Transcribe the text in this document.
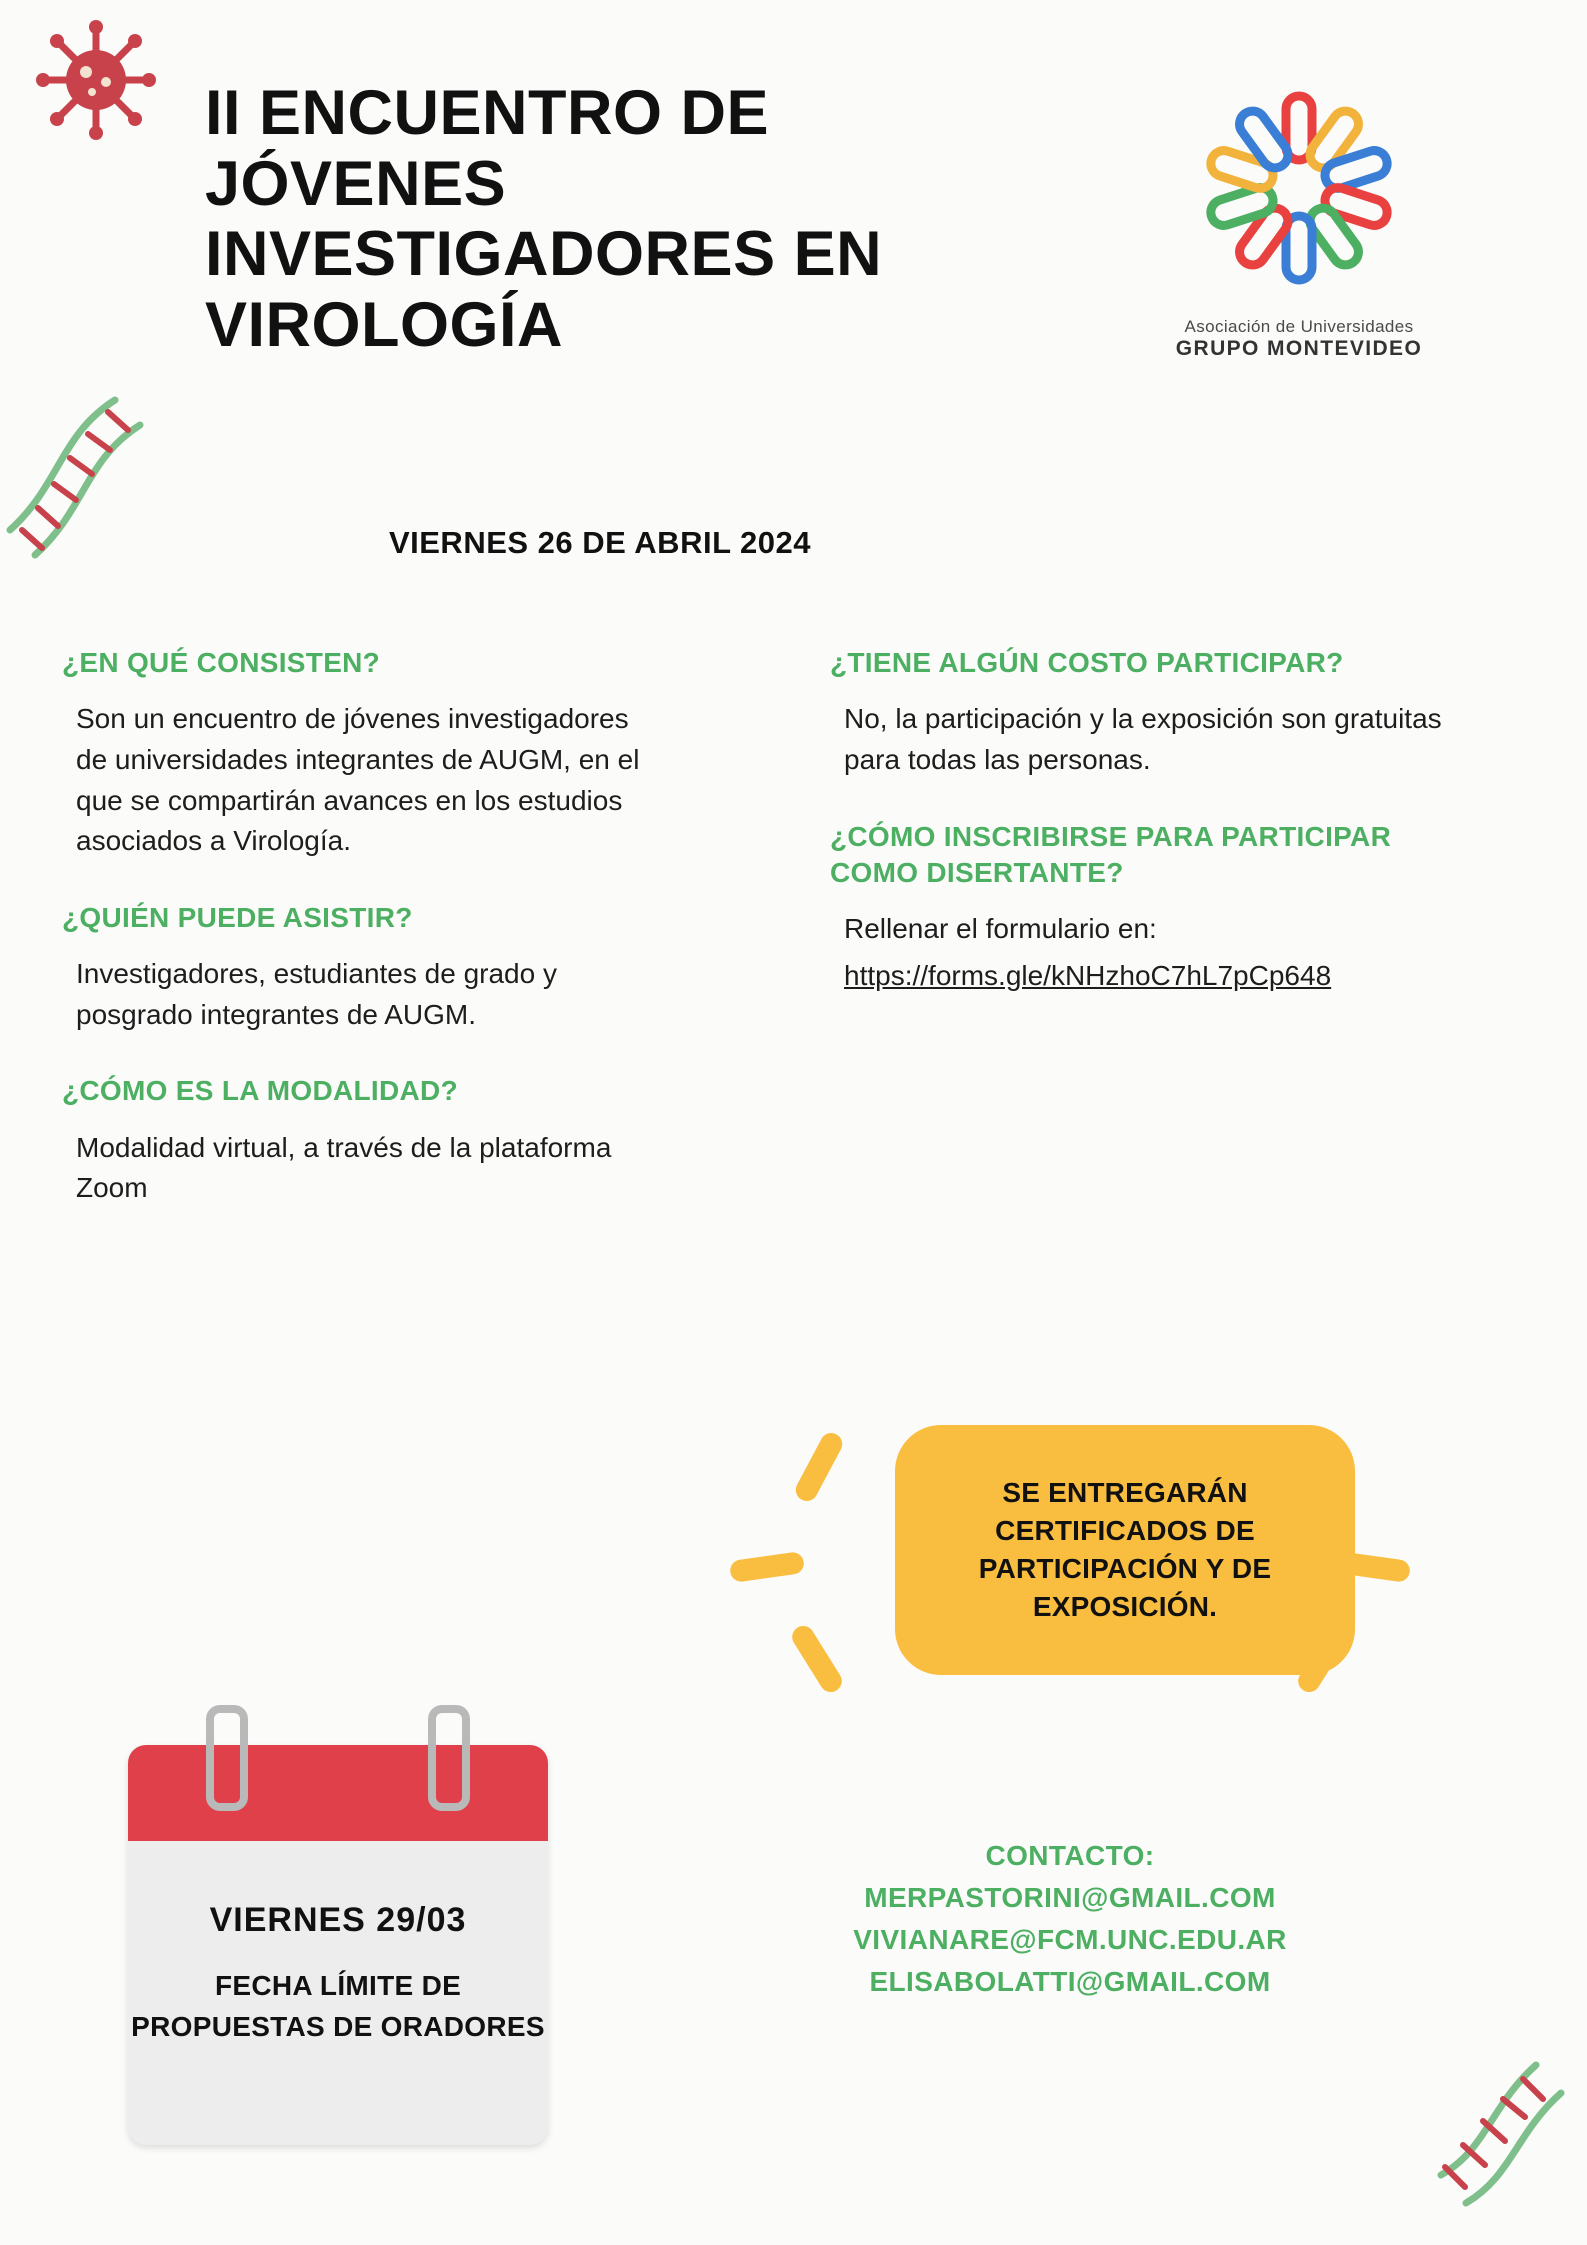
II ENCUENTRO DE JÓVENES INVESTIGADORES EN VIROLOGÍA	Asociación de Universidades
GRUPO MONTEVIDEO
VIERNES 26 DE ABRIL 2024

¿EN QUÉ CONSISTEN?

Son un encuentro de jóvenes investigadores de universidades integrantes de AUGM, en el que se compartirán avances en los estudios asociados a Virología.

¿QUIÉN PUEDE ASISTIR?

Investigadores, estudiantes de grado y posgrado integrantes de AUGM.

¿CÓMO ES LA MODALIDAD?

Modalidad virtual, a través de la plataforma Zoom

¿TIENE ALGÚN COSTO PARTICIPAR?

No, la participación y la exposición son gratuitas para todas las personas.

¿CÓMO INSCRIBIRSE PARA PARTICIPAR COMO DISERTANTE?

Rellenar el formulario en:

https://forms.gle/kNHzhoC7hL7pCp648

SE ENTREGARÁN CERTIFICADOS DE PARTICIPACIÓN Y DE EXPOSICIÓN.
VIERNES 29/03
FECHA LÍMITE DE PROPUESTAS DE ORADORES
CONTACTO:
MERPASTORINI@GMAIL.COM
VIVIANARE@FCM.UNC.EDU.AR
ELISABOLATTI@GMAIL.COM
